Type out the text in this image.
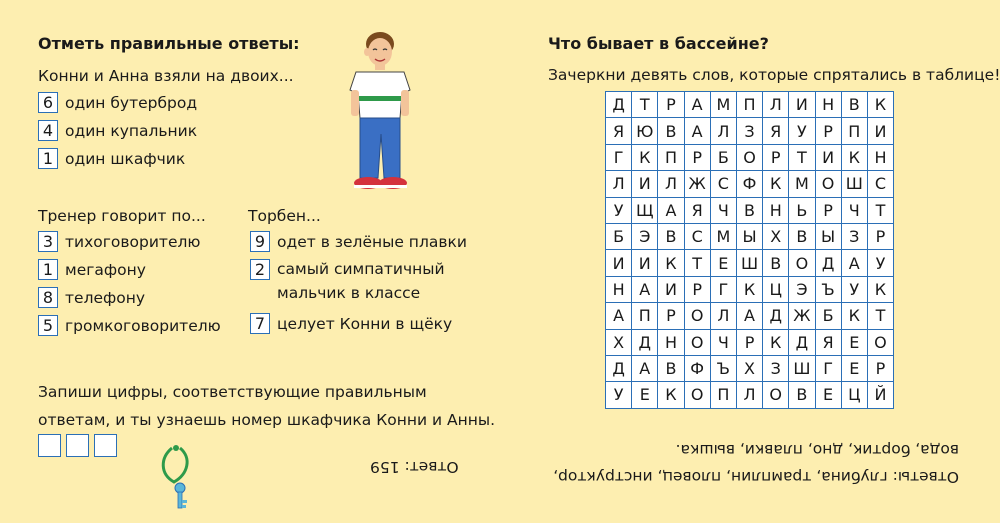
Отметь правильные ответы:
Конни и Анна взяли на двоих...
6 один бутерброд
4 один купальник
1 один шкафчик
Тренер говорит по...
3 тихоговорителю
1 мегафону
8 телефону
5 громкоговорителю
Торбен...
9 одет в зелёные плавки
2 самый симпатичный
мальчик в классе
7 целует Конни в щёку
Запиши цифры, соответствующие правильным
ответам, и ты узнаешь номер шкафчика Конни и Анны.
Ответ: 159
Что бывает в бассейне?
Зачеркни девять слов, которые спрятались в таблице!
Д	Т	Р	А	М	П	Л	И	Н	В	К
Я	Ю	В	А	Л	З	Я	У	Р	П	И
Г	К	П	Р	Б	О	Р	Т	И	К	Н
Л	И	Л	Ж	С	Ф	К	М	О	Ш	С
У	Щ	А	Я	Ч	В	Н	Ь	Р	Ч	Т
Б	Э	В	С	М	Ы	Х	В	Ы	З	Р
И	И	К	Т	Е	Ш	В	О	Д	А	У
Н	А	И	Р	Г	К	Ц	Э	Ъ	У	К
А	П	Р	О	Л	А	Д	Ж	Б	К	Т
Х	Д	Н	О	Ч	Р	К	Д	Я	Е	О
Д	А	В	Ф	Ъ	Х	З	Ш	Г	Е	Р
У	Е	К	О	П	Л	О	В	Е	Ц	Й
Ответы: глубина, трамплин, пловец, инструктор,
вода, бортик, дно, плавки, вышка.
